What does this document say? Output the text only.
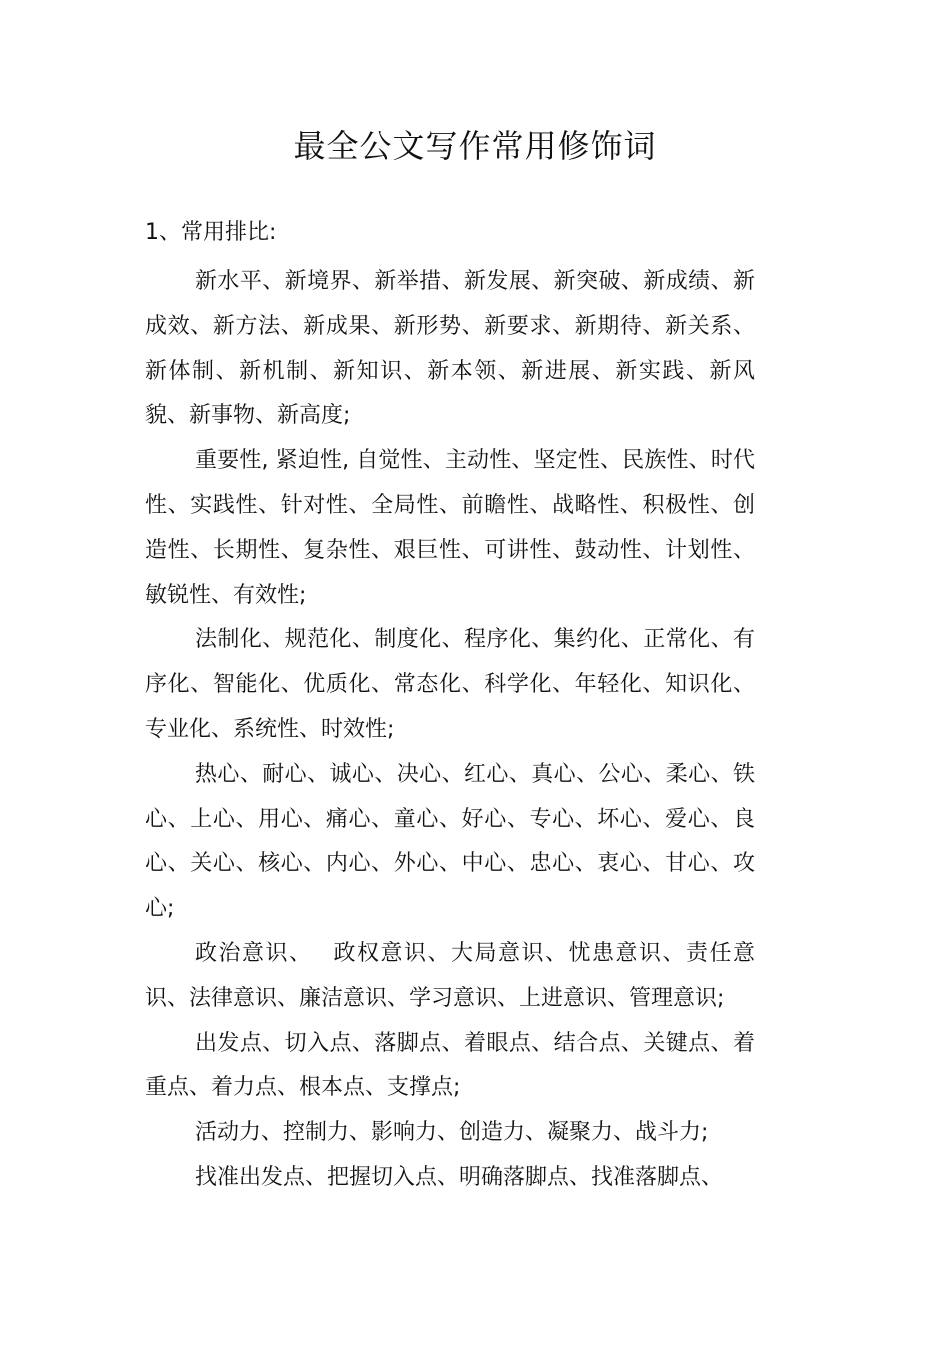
最全公文写作常用修饰词
1、常用排比:

新水平、新境界、新举措、新发展、新突破、新成绩、新成效、新方法、新成果、新形势、新要求、新期待、新关系、新体制、新机制、新知识、新本领、新进展、新实践、新风貌、新事物、新高度;

重要性, 紧迫性, 自觉性、主动性、坚定性、民族性、时代性、实践性、针对性、全局性、前瞻性、战略性、积极性、创造性、长期性、复杂性、艰巨性、可讲性、鼓动性、计划性、敏锐性、有效性;

法制化、规范化、制度化、程序化、集约化、正常化、有序化、智能化、优质化、常态化、科学化、年轻化、知识化、专业化、系统性、时效性;

热心、耐心、诚心、决心、红心、真心、公心、柔心、铁心、上心、用心、痛心、童心、好心、专心、坏心、爱心、良心、关心、核心、内心、外心、中心、忠心、衷心、甘心、攻心;

政治意识、　 政权意识、大局意识、忧患意识、责任意识、法律意识、廉洁意识、学习意识、上进意识、管理意识;

出发点、切入点、落脚点、着眼点、结合点、关键点、着重点、着力点、根本点、支撑点;

活动力、控制力、影响力、创造力、凝聚力、战斗力;

找准出发点、把握切入点、明确落脚点、找准落脚点、
